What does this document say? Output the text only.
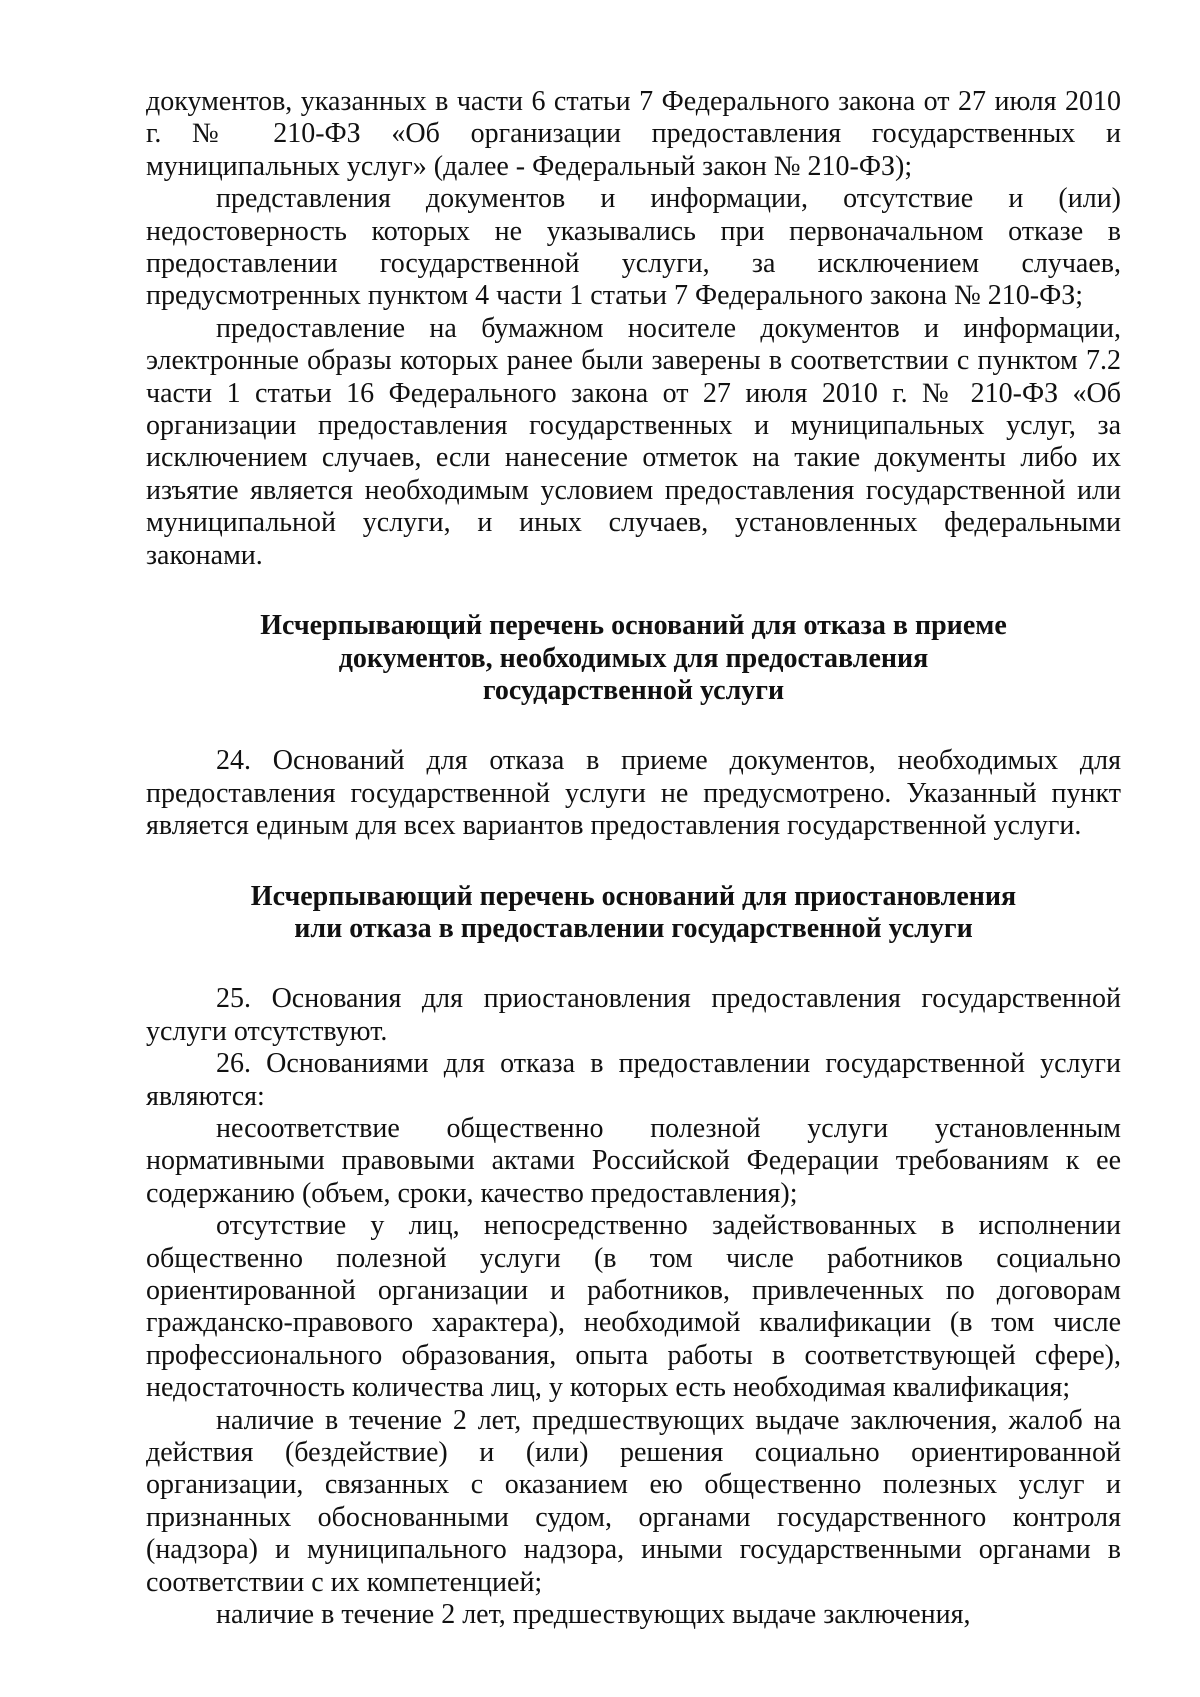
документов, указанных в части 6 статьи 7 Федерального закона от 27 июля 2010 г. № 210-ФЗ «Об организации предоставления государственных и муниципальных услуг» (далее - Федеральный закон № 210-ФЗ);

представления документов и информации, отсутствие и (или) недостоверность которых не указывались при первоначальном отказе в предоставлении государственной услуги, за исключением случаев, предусмотренных пунктом 4 части 1 статьи 7 Федерального закона № 210-ФЗ;

предоставление на бумажном носителе документов и информации, электронные образы которых ранее были заверены в соответствии с пунктом 7.2 части 1 статьи 16 Федерального закона от 27 июля 2010 г. № 210-ФЗ «Об организации предоставления государственных и муниципальных услуг, за исключением случаев, если нанесение отметок на такие документы либо их изъятие является необходимым условием предоставления государственной или муниципальной услуги, и иных случаев, установленных федеральными законами.

Исчерпывающий перечень оснований для отказа в приеме
документов, необходимых для предоставления
государственной услуги

24. Оснований для отказа в приеме документов, необходимых для предоставления государственной услуги не предусмотрено. Указанный пункт является единым для всех вариантов предоставления государственной услуги.

Исчерпывающий перечень оснований для приостановления
или отказа в предоставлении государственной услуги

25. Основания для приостановления предоставления государственной услуги отсутствуют.

26. Основаниями для отказа в предоставлении государственной услуги являются:

несоответствие общественно полезной услуги установленным нормативными правовыми актами Российской Федерации требованиям к ее содержанию (объем, сроки, качество предоставления);

отсутствие у лиц, непосредственно задействованных в исполнении общественно полезной услуги (в том числе работников социально ориентированной организации и работников, привлеченных по договорам гражданско-правового характера), необходимой квалификации (в том числе профессионального образования, опыта работы в соответствующей сфере), недостаточность количества лиц, у которых есть необходимая квалификация;

наличие в течение 2 лет, предшествующих выдаче заключения, жалоб на действия (бездействие) и (или) решения социально ориентированной организации, связанных с оказанием ею общественно полезных услуг и признанных обоснованными судом, органами государственного контроля (надзора) и муниципального надзора, иными государственными органами в соответствии с их компетенцией;

наличие в течение 2 лет, предшествующих выдаче заключения,
